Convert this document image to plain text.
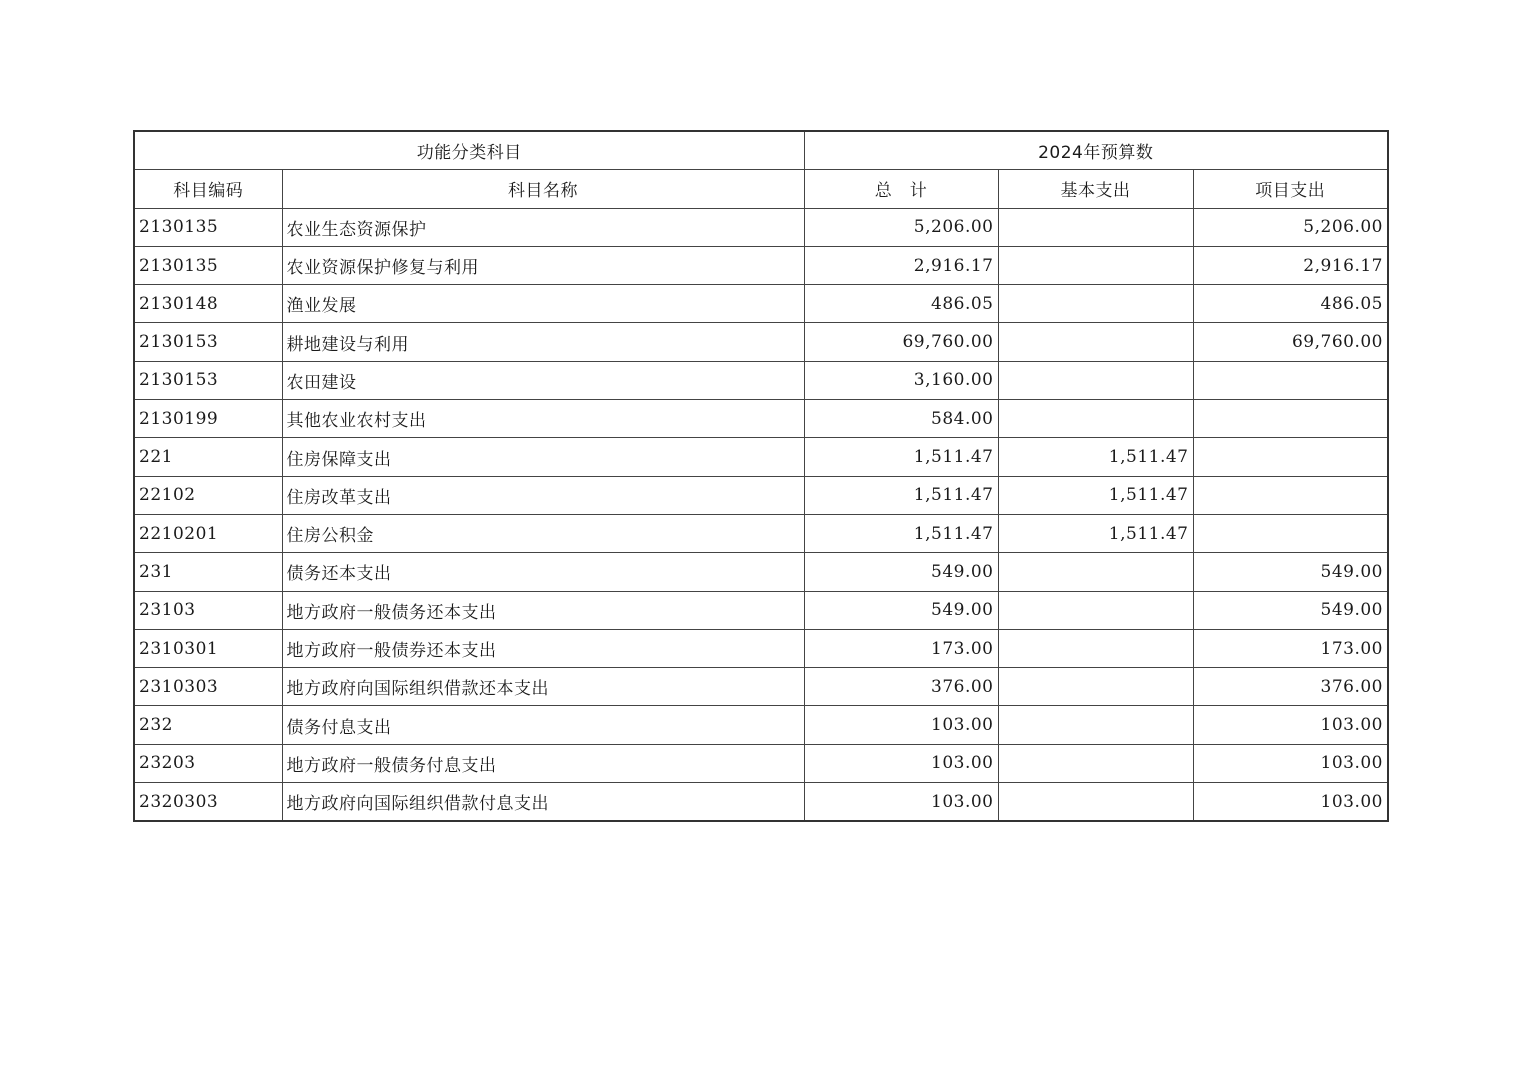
功能分类科目		2024年预算数		
科目编码	科目名称	总　计	基本支出	项目支出
2130135	农业生态资源保护	5,206.00		5,206.00
2130135	农业资源保护修复与利用	2,916.17		2,916.17
2130148	渔业发展	486.05		486.05
2130153	耕地建设与利用	69,760.00		69,760.00
2130153	农田建设	3,160.00		
2130199	其他农业农村支出	584.00		
221	住房保障支出	1,511.47	1,511.47	
22102	住房改革支出	1,511.47	1,511.47	
2210201	住房公积金	1,511.47	1,511.47	
231	债务还本支出	549.00		549.00
23103	地方政府一般债务还本支出	549.00		549.00
2310301	地方政府一般债券还本支出	173.00		173.00
2310303	地方政府向国际组织借款还本支出	376.00		376.00
232	债务付息支出	103.00		103.00
23203	地方政府一般债务付息支出	103.00		103.00
2320303	地方政府向国际组织借款付息支出	103.00		103.00
